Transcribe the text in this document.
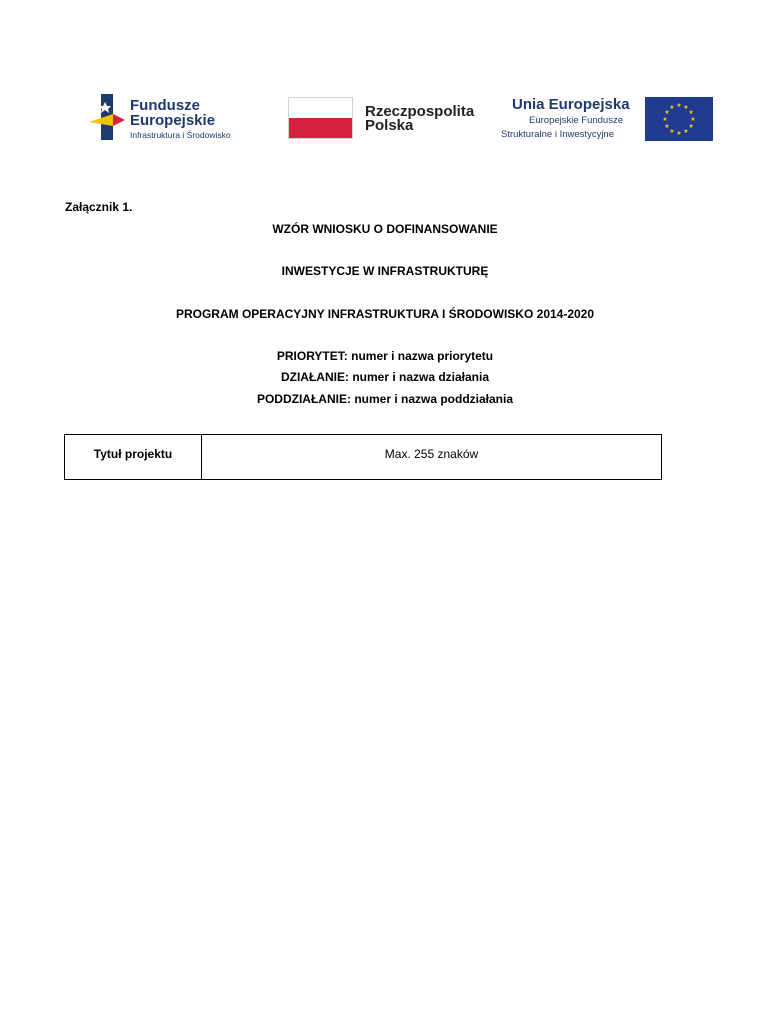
Fundusze
Europejskie
Infrastruktura i Środowisko
Rzeczpospolita
Polska
Unia Europejska
Europejskie Fundusze
Strukturalne i Inwestycyjne
★ ★
★
★
★
★
★
★
★
★
★
★
Załącznik 1.
WZÓR WNIOSKU O DOFINANSOWANIE
INWESTYCJE W INFRASTRUKTURĘ
PROGRAM OPERACYJNY INFRASTRUKTURA I ŚRODOWISKO 2014-2020
PRIORYTET: numer i nazwa priorytetu
DZIAŁANIE: numer i nazwa działania
PODDZIAŁANIE: numer i nazwa poddziałania
Tytuł projektu	Max. 255 znaków
